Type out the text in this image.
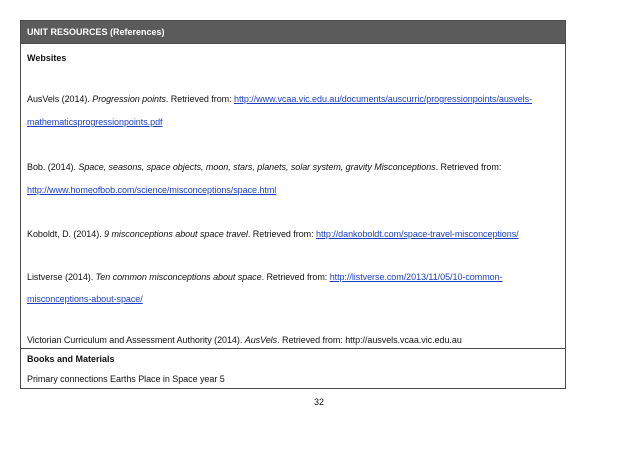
UNIT RESOURCES (References)
Websites
AusVels (2014). Progression points. Retrieved from: http://www.vcaa.vic.edu.au/documents/auscurric/progressionpoints/ausvels-
mathematicsprogressionpoints.pdf
Bob. (2014). Space, seasons, space objects, moon, stars, planets, solar system, gravity Misconceptions. Retrieved from:
http://www.homeofbob.com/science/misconceptions/space.html
Koboldt, D. (2014). 9 misconceptions about space travel. Retrieved from: http://dankoboldt.com/space-travel-misconceptions/
Listverse (2014). Ten common misconceptions about space. Retrieved from: http://listverse.com/2013/11/05/10-common-
misconceptions-about-space/
Victorian Curriculum and Assessment Authority (2014). AusVels. Retrieved from: http://ausvels.vcaa.vic.edu.au
Books and Materials
Primary connections Earths Place in Space year 5
32
